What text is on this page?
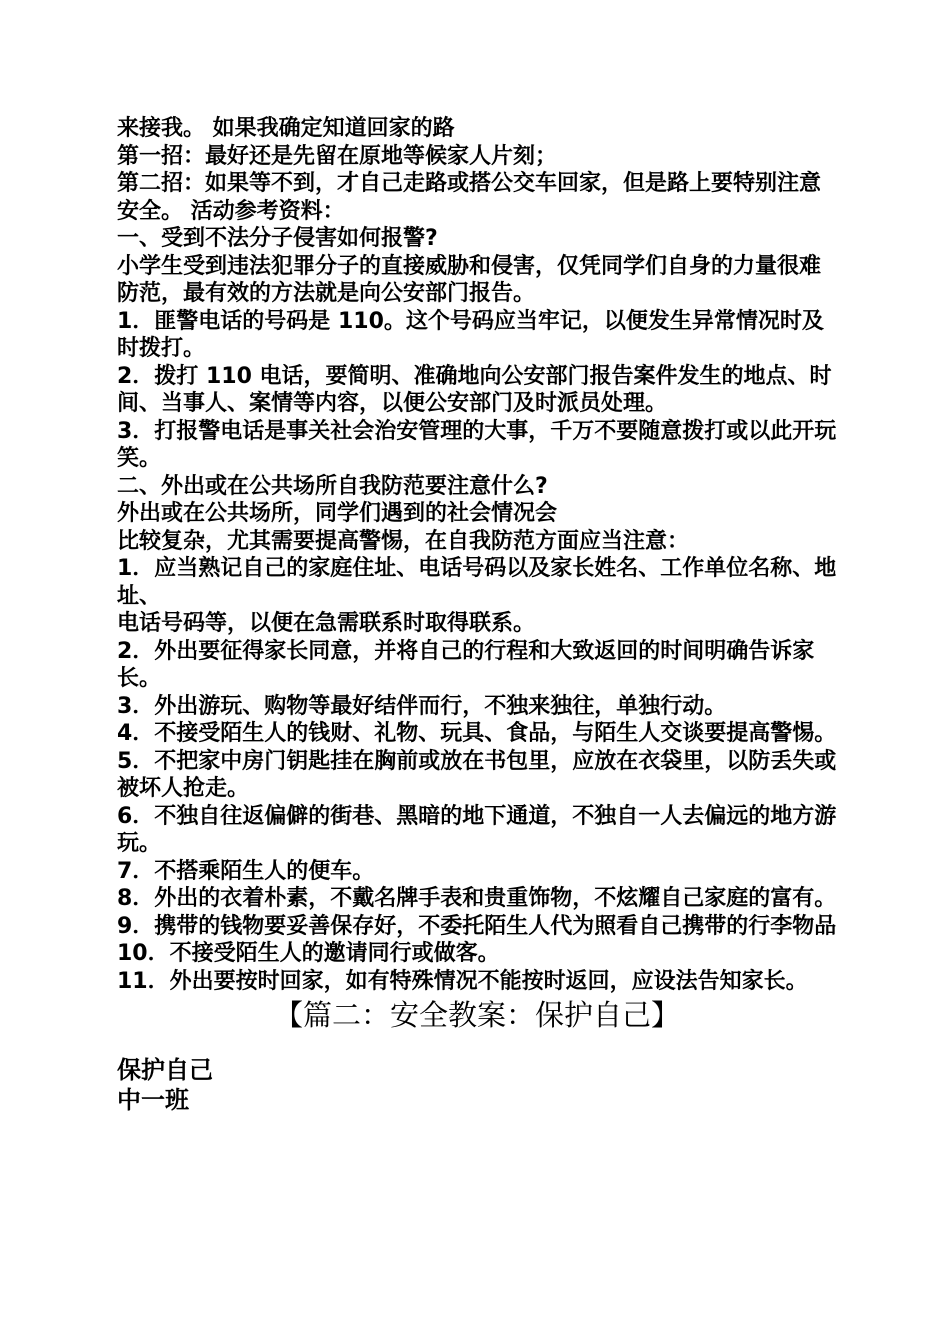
来接我。 如果我确定知道回家的路

第一招：最好还是先留在原地等候家人片刻；

第二招：如果等不到，才自己走路或搭公交车回家，但是路上要特别注意安全。 活动参考资料：

一、受到不法分子侵害如何报警?

小学生受到违法犯罪分子的直接威胁和侵害，仅凭同学们自身的力量很难防范，最有效的方法就是向公安部门报告。

1．匪警电话的号码是 110。这个号码应当牢记，以便发生异常情况时及时拨打。

2．拨打 110 电话，要简明、准确地向公安部门报告案件发生的地点、时间、当事人、案情等内容，以便公安部门及时派员处理。

3．打报警电话是事关社会治安管理的大事，千万不要随意拨打或以此开玩笑。

二、外出或在公共场所自我防范要注意什么?

外出或在公共场所，同学们遇到的社会情况会

比较复杂，尤其需要提高警惕，在自我防范方面应当注意：

1．应当熟记自己的家庭住址、电话号码以及家长姓名、工作单位名称、地址、

电话号码等，以便在急需联系时取得联系。

2．外出要征得家长同意，并将自己的行程和大致返回的时间明确告诉家长。

3．外出游玩、购物等最好结伴而行，不独来独往，单独行动。

4．不接受陌生人的钱财、礼物、玩具、食品，与陌生人交谈要提高警惕。

5．不把家中房门钥匙挂在胸前或放在书包里，应放在衣袋里，以防丢失或被坏人抢走。

6．不独自往返偏僻的街巷、黑暗的地下通道，不独自一人去偏远的地方游玩。

7．不搭乘陌生人的便车。

8．外出的衣着朴素，不戴名牌手表和贵重饰物，不炫耀自己家庭的富有。

9．携带的钱物要妥善保存好，不委托陌生人代为照看自己携带的行李物品

10．不接受陌生人的邀请同行或做客。

11．外出要按时回家，如有特殊情况不能按时返回，应设法告知家长。

【篇二：安全教案：保护自己】

保护自己

中一班
